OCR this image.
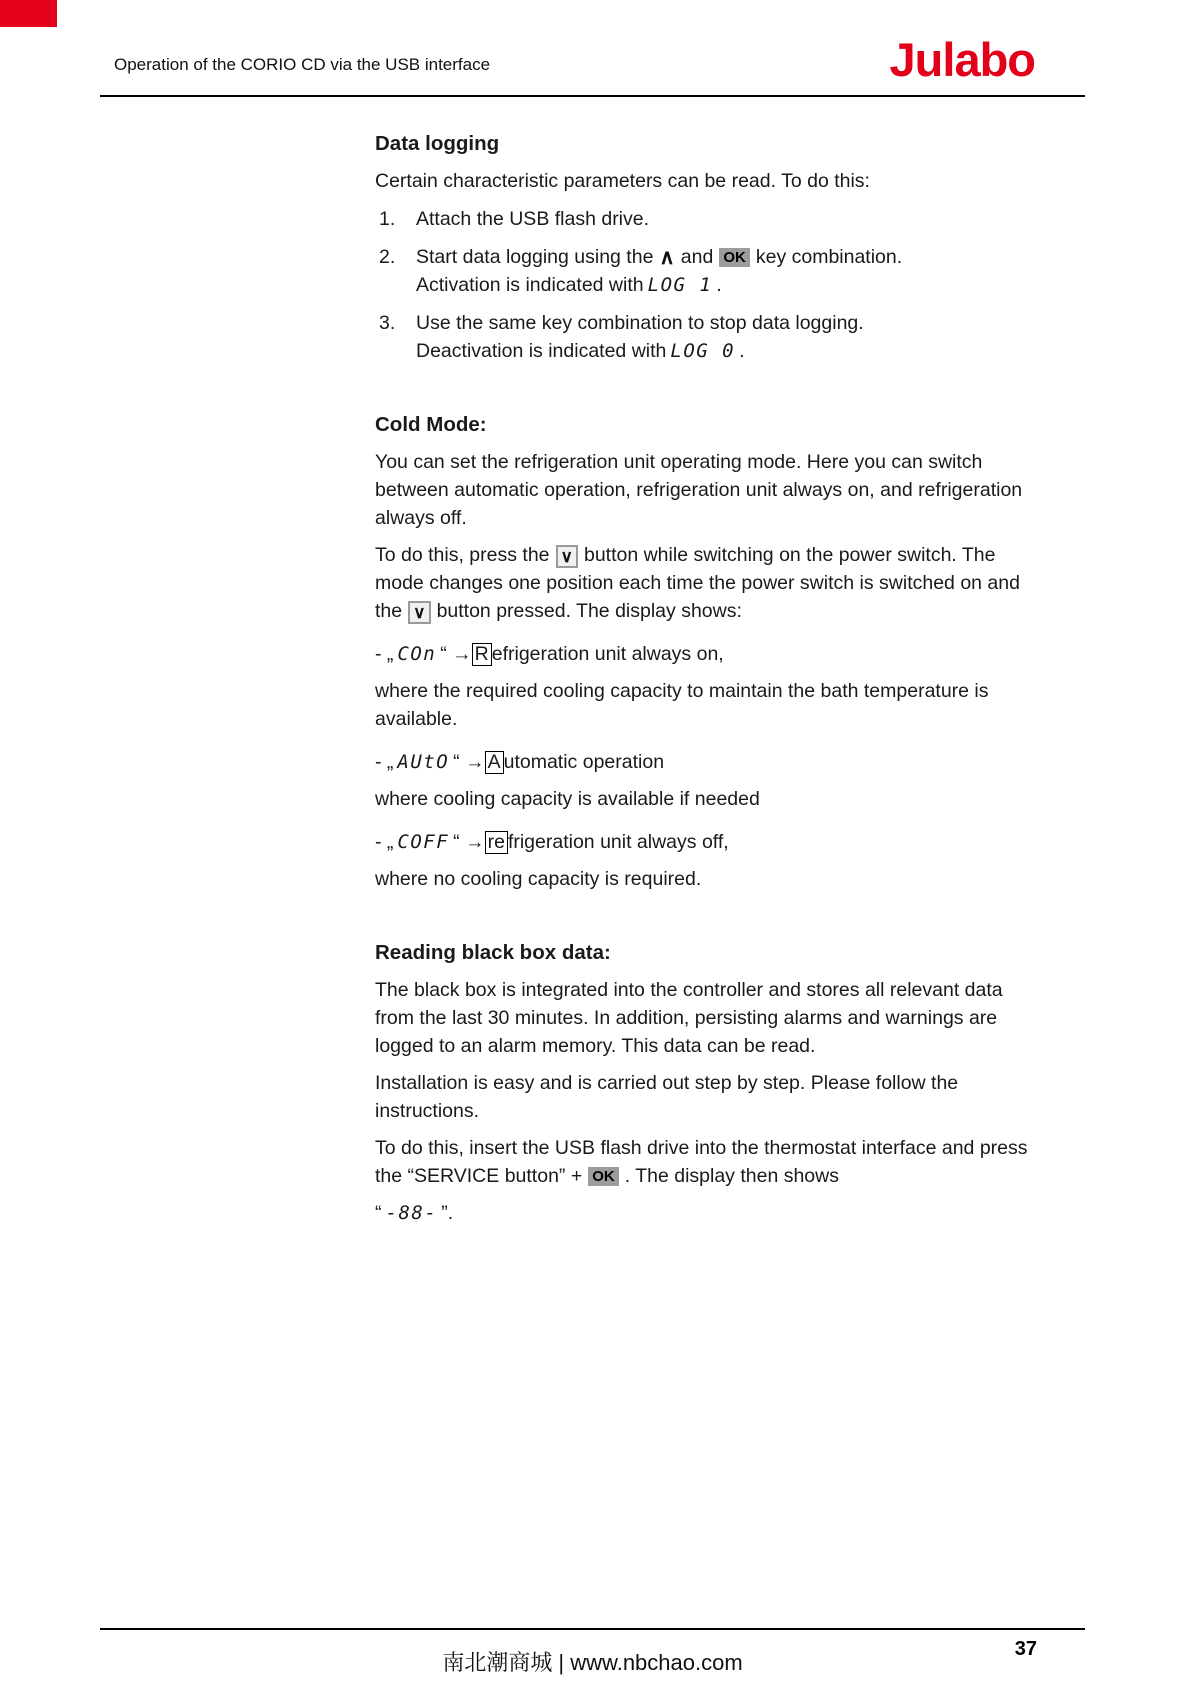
Operation of the CORIO CD via the USB interface	Julabo
Data logging
Certain characteristic parameters can be read. To do this:
1.	Attach the USB flash drive.
2.	Start data logging using the ∧ and OK key combination.
Activation is indicated with LOG 1 .
3.	Use the same key combination to stop data logging.
Deactivation is indicated with LOG 0 .
Cold Mode:
You can set the refrigeration unit operating mode. Here you can switch between automatic operation, refrigeration unit always on, and refrigeration always off.
To do this, press the ∨ button while switching on the power switch. The mode changes one position each time the power switch is switched on and the ∨ button pressed. The display shows:
- „ COn “ → R efrigeration unit always on,
where the required cooling capacity to maintain the bath temperature is available.
- „ AUtO “ → A utomatic operation
where cooling capacity is available if needed
- „ COFF “ → re frigeration unit always off,
where no cooling capacity is required.
Reading black box data:
The black box is integrated into the controller and stores all relevant data from the last 30 minutes. In addition, persisting alarms and warnings are logged to an alarm memory. This data can be read.
Installation is easy and is carried out step by step. Please follow the instructions.
To do this, insert the USB flash drive into the thermostat interface and press the “SERVICE button” + OK . The display then shows
“ -88- ”.
南北潮商城 | www.nbchao.com
37
